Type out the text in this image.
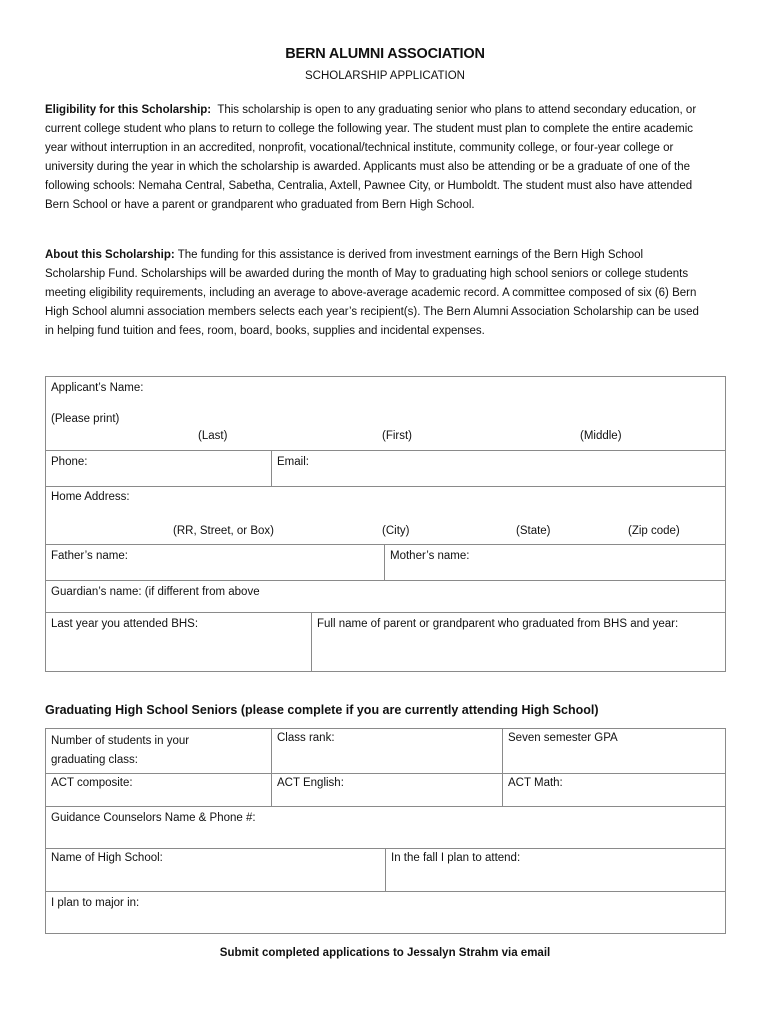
BERN ALUMNI ASSOCIATION
SCHOLARSHIP APPLICATION

Eligibility for this Scholarship: This scholarship is open to any graduating senior who plans to attend secondary education, or current college student who plans to return to college the following year. The student must plan to complete the entire academic year without interruption in an accredited, nonprofit, vocational/technical institute, community college, or four-year college or university during the year in which the scholarship is awarded. Applicants must also be attending or be a graduate of one of the following schools: Nemaha Central, Sabetha, Centralia, Axtell, Pawnee City, or Humboldt. The student must also have attended Bern School or have a parent or grandparent who graduated from Bern High School.

About this Scholarship: The funding for this assistance is derived from investment earnings of the Bern High School Scholarship Fund. Scholarships will be awarded during the month of May to graduating high school seniors or college students meeting eligibility requirements, including an average to above-average academic record. A committee composed of six (6) Bern High School alumni association members selects each year’s recipient(s). The Bern Alumni Association Scholarship can be used in helping fund tuition and fees, room, board, books, supplies and incidental expenses.

Applicant’s Name:
(Please print)
(Last) (First) (Middle)			

Phone:	Email:		

Home Address:
(RR, Street, or Box) (City) (State) (Zip code)			

Father’s name:			Mother’s name:

Guardian’s name: (if different from above			

Last year you attended BHS:		Full name of parent or grandparent who graduated from BHS and year:	
Graduating High School Seniors (please complete if you are currently attending High School)
Number of students in your graduating class:	Class rank:		Seven semester GPA

ACT composite:	ACT English:		ACT Math:

Guidance Counselors Name & Phone #:			

Name of High School:		In the fall I plan to attend:	

I plan to major in:			
Submit completed applications to Jessalyn Strahm via email
